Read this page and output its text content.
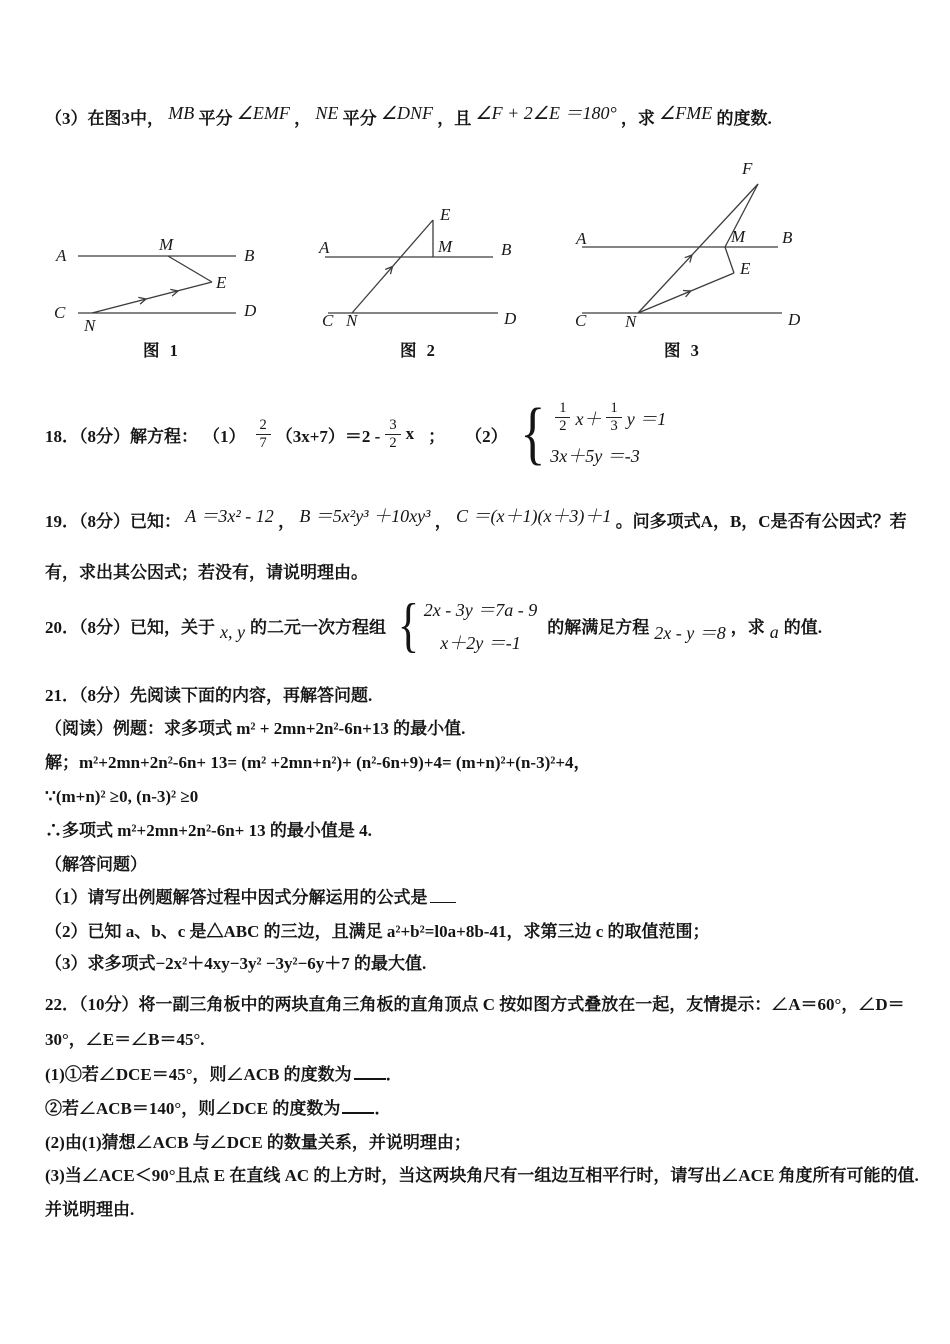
（3）在图3中， MB 平分 ∠EMF ， NE 平分 ∠DNF ，且 ∠F + 2∠E ＝180° ，求 ∠FME 的度数.
A	B
M
E
C
N
D
图 1
A	B
E
M
C N	D
图 2
F
A	B
M
E
C N	D
图 3
18．（8分）解方程： $(1) \frac{2}{7} (3x+7)=2 - \frac{3}{2}$ x ； （2） { $\frac{1}{2} x+ \frac{1}{3}$ y ＝1
3x＋5y ＝-3
19．（8分）已知： A ＝3x² - 12 ， B ＝5x²y³ ＋10xy³ ， C ＝(x＋1)(x＋3)＋1 。问多项式A，B，C是否有公因式？若
有，求出其公因式；若没有，请说明理由。
20．（8分）已知，关于 x, y 的二元一次方程组 { 2x - 3y ＝7a - 9
x＋2y ＝-1
的解满足方程 2x - y ＝8 ，求 a 的值.
21．（8分）先阅读下面的内容，再解答问题.
（阅读）例题：求多项式 m² + 2mn+2n²-6n+13 的最小值.
解；m²+2mn+2n²-6n+ 13= (m² +2mn+n²)+ (n²-6n+9)+4= (m+n)²+(n-3)²+4，
∵(m+n)² ≥0, (n-3)² ≥0
∴多项式 m²+2mn+2n²-6n+ 13 的最小值是 4.
（解答问题）
（1）请写出例题解答过程中因式分解运用的公式是
（2）已知 a、b、c 是△ABC 的三边，且满足 a²+b²=l0a+8b-41，求第三边 c 的取值范围；
（3）求多项式−2x²＋4xy−3y² −3y²−6y＋7 的最大值.
22．（10分）将一副三角板中的两块直角三角板的直角顶点 C 按如图方式叠放在一起，友情提示：∠A＝60°，∠D＝
30°，∠E＝∠B＝45°.
(1)①若∠DCE＝45°，则∠ACB 的度数为 ．
②若∠ACB＝140°，则∠DCE 的度数为 ．
(2)由(1)猜想∠ACB 与∠DCE 的数量关系，并说明理由；
(3)当∠ACE＜90°且点 E 在直线 AC 的上方时，当这两块角尺有一组边互相平行时，请写出∠ACE 角度所有可能的值.
并说明理由.
